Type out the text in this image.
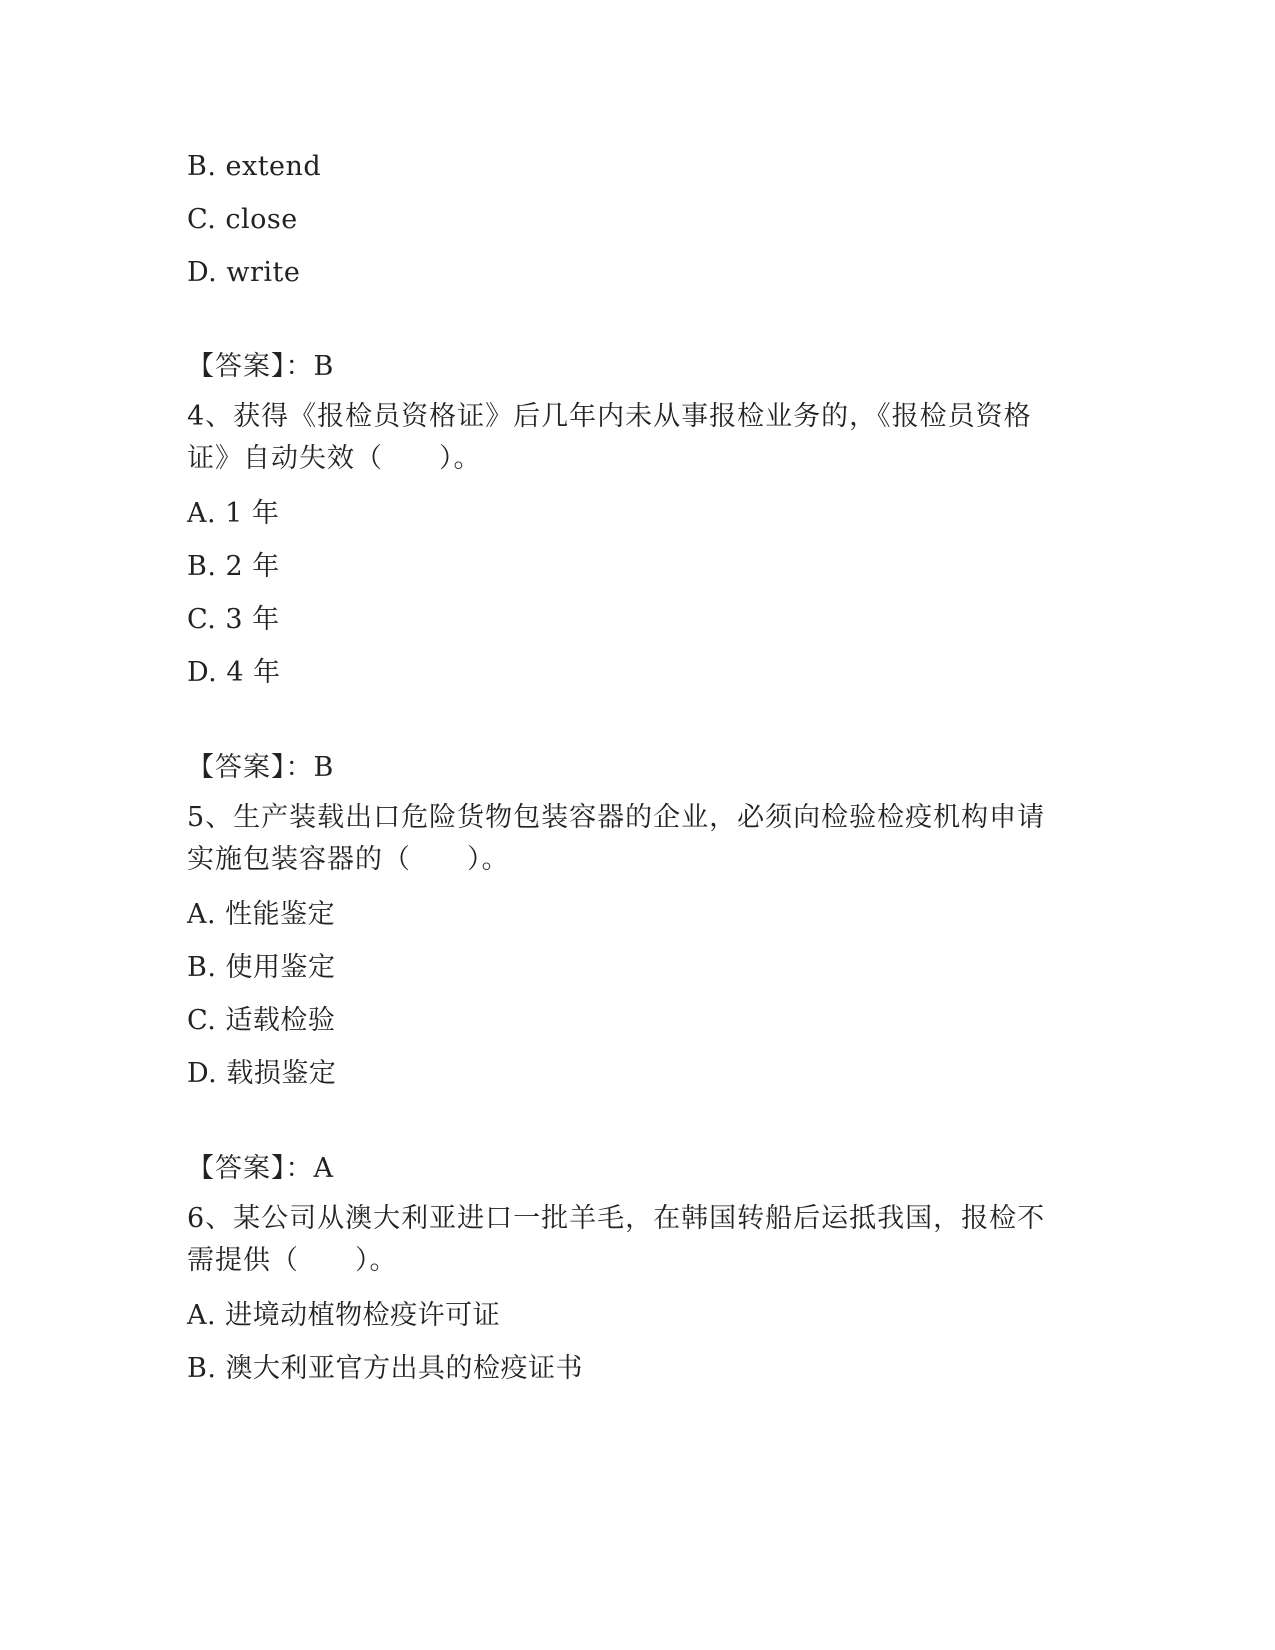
B. extend
C. close
D. write
【答案】：B
4、获得《报检员资格证》后几年内未从事报检业务的，《报检员资格
证》自动失效（　　）。
A. 1 年
B. 2 年
C. 3 年
D. 4 年
【答案】：B
5、生产装载出口危险货物包装容器的企业，必须向检验检疫机构申请
实施包装容器的（　　）。
A. 性能鉴定
B. 使用鉴定
C. 适载检验
D. 载损鉴定
【答案】：A
6、某公司从澳大利亚进口一批羊毛，在韩国转船后运抵我国，报检不
需提供（　　）。
A. 进境动植物检疫许可证
B. 澳大利亚官方出具的检疫证书
